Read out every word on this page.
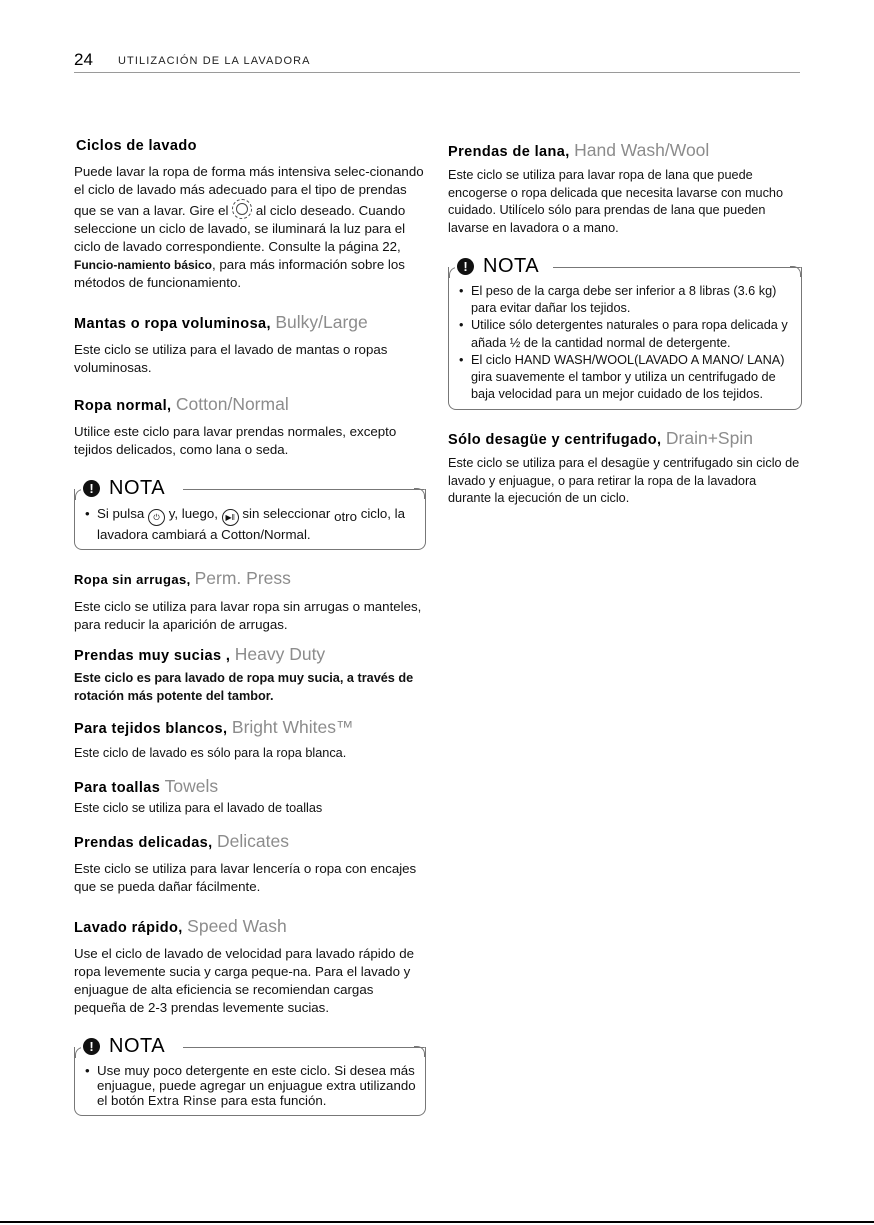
24 UTILIZACIÓN DE LA LAVADORA
Ciclos de lavado

Puede lavar la ropa de forma más intensiva selec-cionando el ciclo de lavado más adecuado para el tipo de prendas que se van a lavar. Gire el al ciclo deseado. Cuando seleccione un ciclo de lavado, se iluminará la luz para el ciclo de lavado correspondiente. Consulte la página 22, Funcio-namiento básico, para más información sobre los métodos de funcionamiento.

Mantas o ropa voluminosa, Bulky/Large

Este ciclo se utiliza para el lavado de mantas o ropas voluminosas.

Ropa normal, Cotton/Normal

Utilice este ciclo para lavar prendas normales, excepto tejidos delicados, como lana o seda.

! NOTA
• Si pulsa ⏻ y, luego, ▶‖ sin seleccionar otro ciclo, la lavadora cambiará a Cotton/Normal.
Ropa sin arrugas, Perm. Press

Este ciclo se utiliza para lavar ropa sin arrugas o manteles, para reducir la aparición de arrugas.

Prendas muy sucias , Heavy Duty

Este ciclo es para lavado de ropa muy sucia, a través de rotación más potente del tambor.

Para tejidos blancos, Bright Whites™

Este ciclo de lavado es sólo para la ropa blanca.

Para toallas Towels

Este ciclo se utiliza para el lavado de toallas

Prendas delicadas, Delicates

Este ciclo se utiliza para lavar lencería o ropa con encajes que se pueda dañar fácilmente.

Lavado rápido, Speed Wash

Use el ciclo de lavado de velocidad para lavado rápido de ropa levemente sucia y carga peque-na. Para el lavado y enjuague de alta eficiencia se recomiendan cargas pequeña de 2-3 prendas levemente sucias.

! NOTA
• Use muy poco detergente en este ciclo. Si desea más enjuague, puede agregar un enjuague extra utilizando el botón Extra Rinse para esta función.
Prendas de lana, Hand Wash/Wool

Este ciclo se utiliza para lavar ropa de lana que puede encogerse o ropa delicada que necesita lavarse con mucho cuidado. Utilícelo sólo para prendas de lana que pueden lavarse en lavadora o a mano.

! NOTA
• El peso de la carga debe ser inferior a 8 libras (3.6 kg) para evitar dañar los tejidos.
• Utilice sólo detergentes naturales o para ropa delicada y añada ½ de la cantidad normal de detergente.
• El ciclo HAND WASH/WOOL(LAVADO A MANO/ LANA) gira suavemente el tambor y utiliza un centrifugado de baja velocidad para un mejor cuidado de los tejidos.
Sólo desagüe y centrifugado, Drain+Spin

Este ciclo se utiliza para el desagüe y centrifugado sin ciclo de lavado y enjuague, o para retirar la ropa de la lavadora durante la ejecución de un ciclo.
